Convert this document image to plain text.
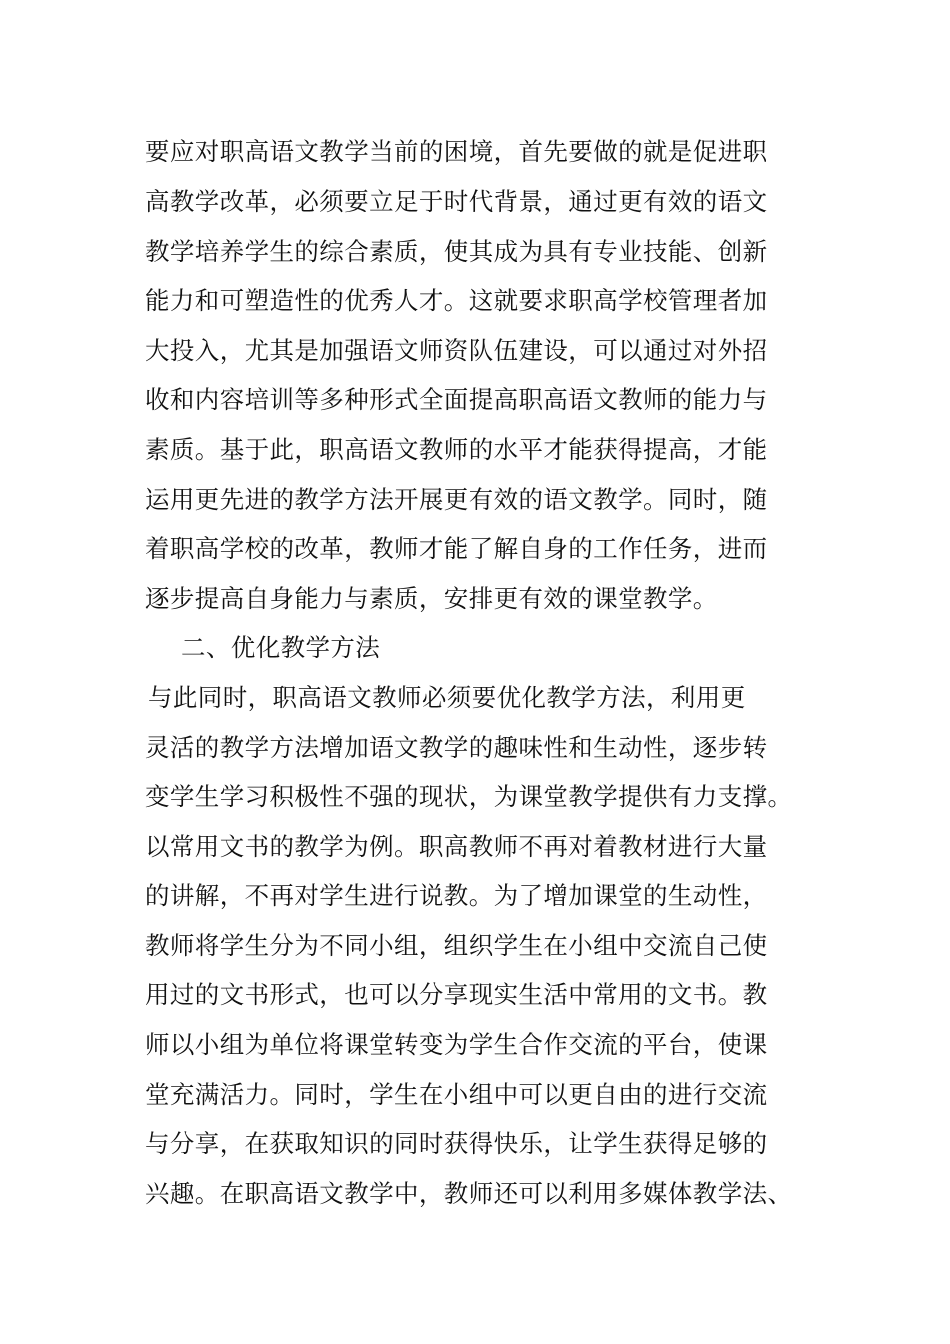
要应对职高语文教学当前的困境，首先要做的就是促进职
高教学改革，必须要立足于时代背景，通过更有效的语文
教学培养学生的综合素质，使其成为具有专业技能、创新
能力和可塑造性的优秀人才。这就要求职高学校管理者加
大投入，尤其是加强语文师资队伍建设，可以通过对外招
收和内容培训等多种形式全面提高职高语文教师的能力与
素质。基于此，职高语文教师的水平才能获得提高，才能
运用更先进的教学方法开展更有效的语文教学。同时，随
着职高学校的改革，教师才能了解自身的工作任务，进而
逐步提高自身能力与素质，安排更有效的课堂教学。
二、优化教学方法
与此同时，职高语文教师必须要优化教学方法，利用更
灵活的教学方法增加语文教学的趣味性和生动性，逐步转
变学生学习积极性不强的现状，为课堂教学提供有力支撑。
以常用文书的教学为例。职高教师不再对着教材进行大量
的讲解，不再对学生进行说教。为了增加课堂的生动性，
教师将学生分为不同小组，组织学生在小组中交流自己使
用过的文书形式，也可以分享现实生活中常用的文书。教
师以小组为单位将课堂转变为学生合作交流的平台，使课
堂充满活力。同时，学生在小组中可以更自由的进行交流
与分享，在获取知识的同时获得快乐，让学生获得足够的
兴趣。在职高语文教学中，教师还可以利用多媒体教学法、
